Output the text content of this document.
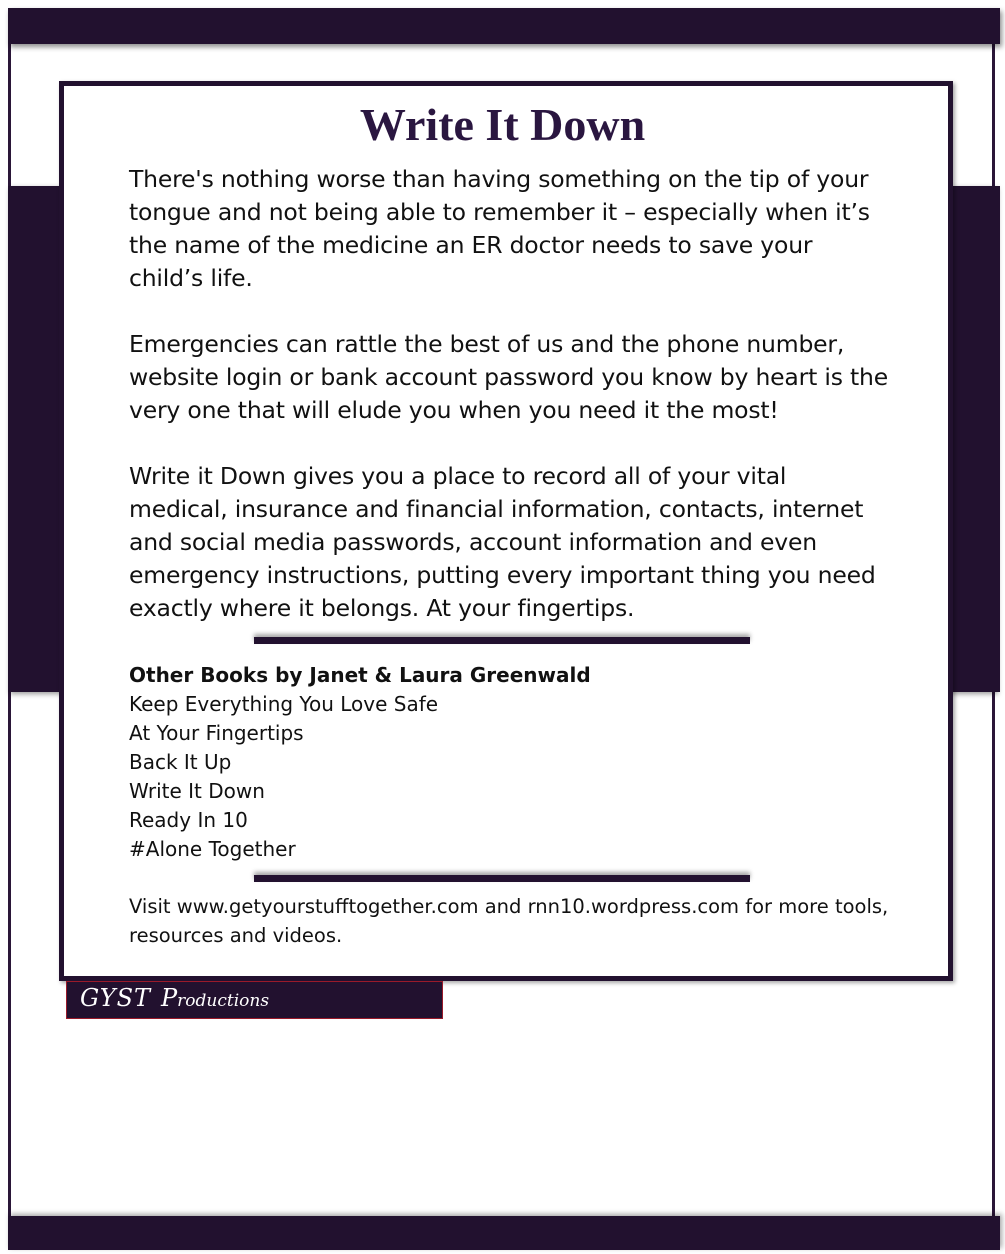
Write It Down

There's nothing worse than having something on the tip of your tongue and not being able to remember it – especially when it’s the name of the medicine an ER doctor needs to save your child’s life.

Emergencies can rattle the best of us and the phone number, website login or bank account password you know by heart is the very one that will elude you when you need it the most!

Write it Down gives you a place to record all of your vital medical, insurance and financial information, contacts, internet and social media passwords, account information and even emergency instructions, putting every important thing you need exactly where it belongs. At your fingertips.

Other Books by Janet & Laura Greenwald
Keep Everything You Love Safe
At Your Fingertips
Back It Up
Write It Down
Ready In 10
#Alone Together

Visit www.getyourstufftogether.com and rnn10.wordpress.com for more tools, resources and videos.

GYST Productions
